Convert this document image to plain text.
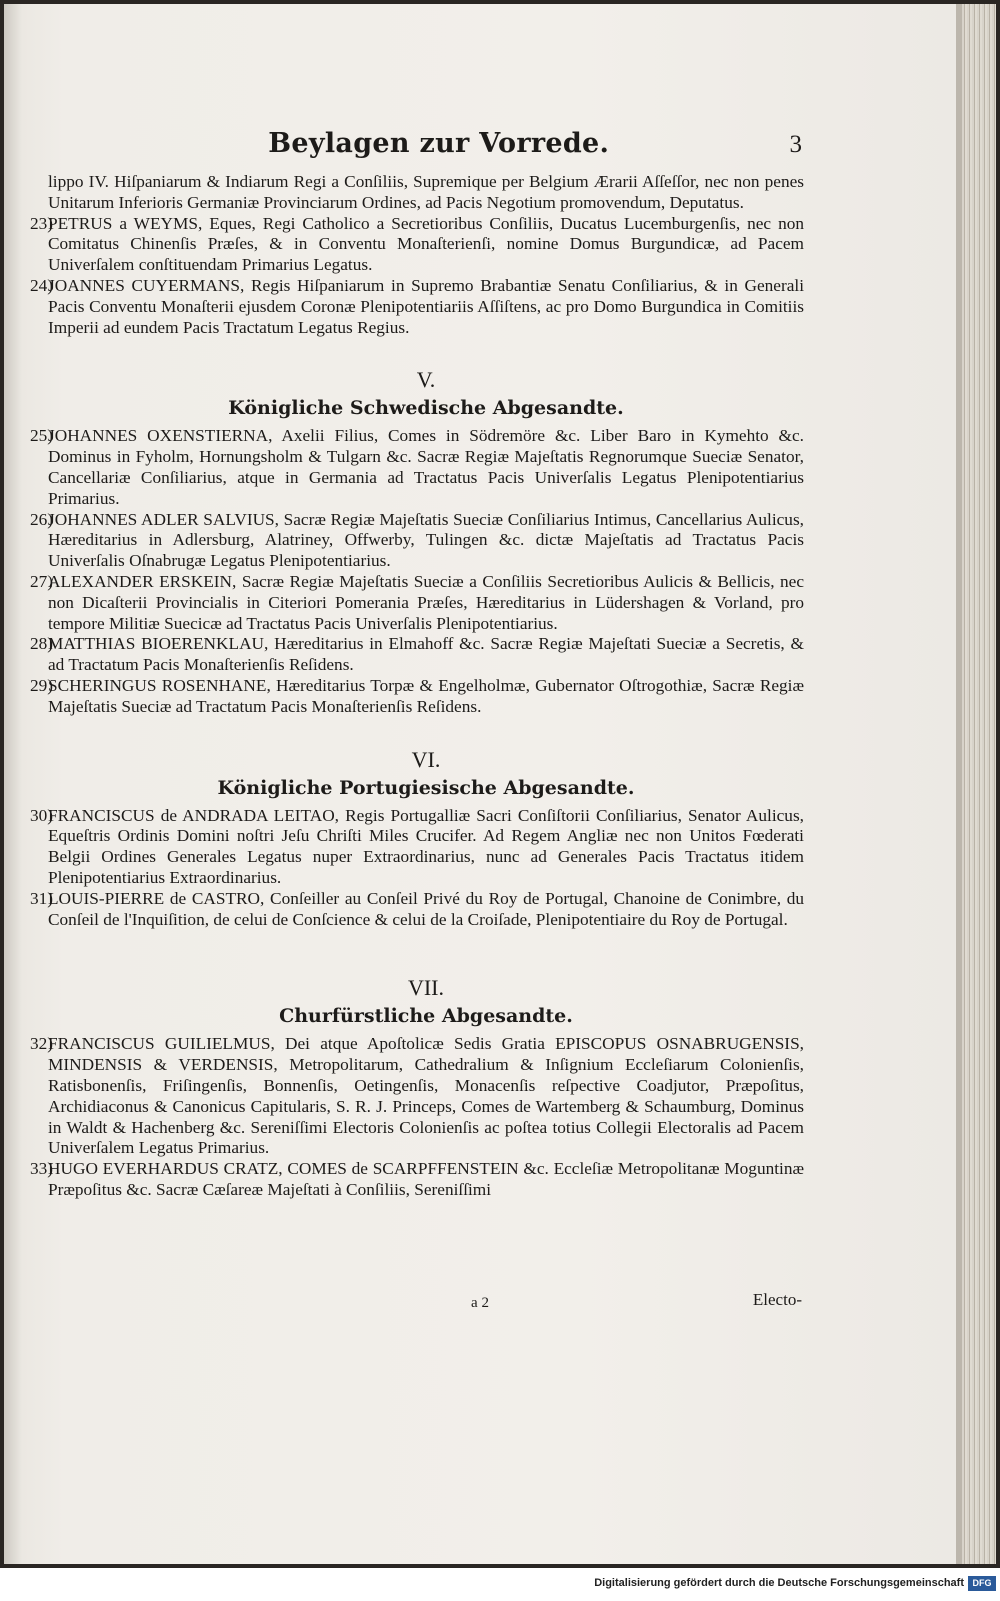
Beylagen zur Vorrede.	3

lippo IV. Hiſpaniarum & Indiarum Regi a Conſiliis, Supremique per Belgium Ærarii Aſſeſſor, nec non penes Unitarum Inferioris Germaniæ Provinciarum Ordines, ad Pacis Negotium promovendum, Deputatus.

23)
PETRUS a WEYMS, Eques, Regi Catholico a Secretioribus Conſiliis, Ducatus Lucemburgenſis, nec non Comitatus Chinenſis Præſes, & in Conventu Monaſterienſi, nomine Domus Burgundicæ, ad Pacem Univerſalem conſtituendam Primarius Legatus.

24)
JOANNES CUYERMANS, Regis Hiſpaniarum in Supremo Brabantiæ Senatu Conſiliarius, & in Generali Pacis Conventu Monaſterii ejusdem Coronæ Plenipotentiariis Aſſiſtens, ac pro Domo Burgundica in Comitiis Imperii ad eundem Pacis Tractatum Legatus Regius.

V.
Königliche Schwedische Abgesandte.

25)
JOHANNES OXENSTIERNA, Axelii Filius, Comes in Södremöre &c. Liber Baro in Kymehto &c. Dominus in Fyholm, Hornungsholm & Tulgarn &c. Sacræ Regiæ Majeſtatis Regnorumque Sueciæ Senator, Cancellariæ Conſiliarius, atque in Germania ad Tractatus Pacis Univerſalis Legatus Plenipotentiarius Primarius.

26)
JOHANNES ADLER SALVIUS, Sacræ Regiæ Majeſtatis Sueciæ Conſiliarius Intimus, Cancellarius Aulicus, Hæreditarius in Adlersburg, Alatriney, Offwerby, Tulingen &c. dictæ Majeſtatis ad Tractatus Pacis Univerſalis Oſnabrugæ Legatus Plenipotentiarius.

27)
ALEXANDER ERSKEIN, Sacræ Regiæ Majeſtatis Sueciæ a Conſiliis Secretioribus Aulicis & Bellicis, nec non Dicaſterii Provincialis in Citeriori Pomerania Præſes, Hæreditarius in Lüdershagen & Vorland, pro tempore Militiæ Suecicæ ad Tractatus Pacis Univerſalis Plenipotentiarius.

28)
MATTHIAS BIOERENKLAU, Hæreditarius in Elmahoff &c. Sacræ Regiæ Majeſtati Sueciæ a Secretis, & ad Tractatum Pacis Monaſterienſis Reſidens.

29)
SCHERINGUS ROSENHANE, Hæreditarius Torpæ & Engelholmæ, Gubernator Oſtrogothiæ, Sacræ Regiæ Majeſtatis Sueciæ ad Tractatum Pacis Monaſterienſis Reſidens.

VI.
Königliche Portugiesische Abgesandte.

30)
FRANCISCUS de ANDRADA LEITAO, Regis Portugalliæ Sacri Conſiſtorii Conſiliarius, Senator Aulicus, Equeſtris Ordinis Domini noſtri Jeſu Chriſti Miles Crucifer. Ad Regem Angliæ nec non Unitos Fœderati Belgii Ordines Generales Legatus nuper Extraordinarius, nunc ad Generales Pacis Tractatus itidem Plenipotentiarius Extraordinarius.

31)
LOUIS-PIERRE de CASTRO, Conſeiller au Conſeil Privé du Roy de Portugal, Chanoine de Conimbre, du Conſeil de l'Inquiſition, de celui de Conſcience & celui de la Croiſade, Plenipotentiaire du Roy de Portugal.

VII.
Churfürstliche Abgesandte.

32)
FRANCISCUS GUILIELMUS, Dei atque Apoſtolicæ Sedis Gratia EPISCOPUS OSNABRUGENSIS, MINDENSIS & VERDENSIS, Metropolitarum, Cathedralium & Inſignium Eccleſiarum Colonienſis, Ratisbonenſis, Friſingenſis, Bonnenſis, Oetingenſis, Monacenſis reſpective Coadjutor, Præpoſitus, Archidiaconus & Canonicus Capitularis, S. R. J. Princeps, Comes de Wartemberg & Schaumburg, Dominus in Waldt & Hachenberg &c. Sereniſſimi Electoris Colonienſis ac poſtea totius Collegii Electoralis ad Pacem Univerſalem Legatus Primarius.

33)
HUGO EVERHARDUS CRATZ, COMES de SCARPFFENSTEIN &c. Eccleſiæ Metropolitanæ Moguntinæ Præpoſitus &c. Sacræ Cæſareæ Majeſtati à Conſiliis, Sereniſſimi

a 2	Electo-
Digitalisierung gefördert durch die Deutsche Forschungsgemeinschaft DFG
